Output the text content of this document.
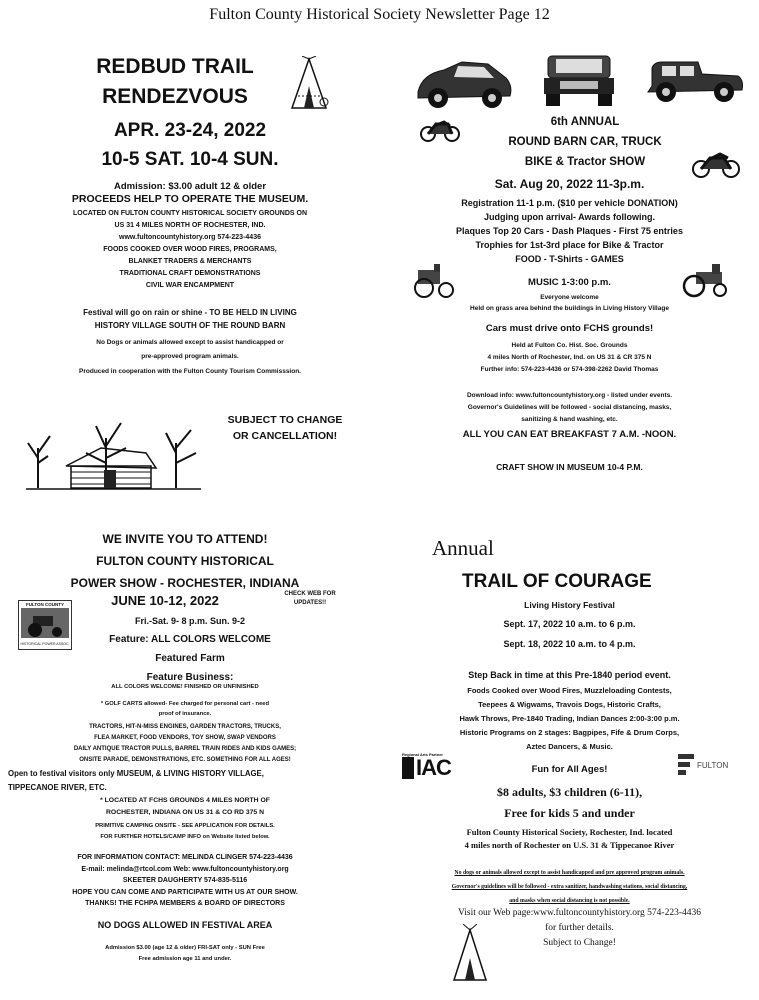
Fulton County Historical Society Newsletter Page 12
REDBUD TRAIL
RENDEZVOUS
APR. 23-24, 2022
10-5 SAT. 10-4 SUN.
Admission: $3.00 adult 12 & older
PROCEEDS HELP TO OPERATE THE MUSEUM.
LOCATED ON FULTON COUNTY HISTORICAL SOCIETY GROUNDS ON
US 31 4 MILES NORTH OF ROCHESTER, IND.
www.fultoncountyhistory.org 574-223-4436
FOODS COOKED OVER WOOD FIRES, PROGRAMS,
BLANKET TRADERS & MERCHANTS
TRADITIONAL CRAFT DEMONSTRATIONS
CIVIL WAR ENCAMPMENT
Festival will go on rain or shine - TO BE HELD IN LIVING
HISTORY VILLAGE SOUTH OF THE ROUND BARN
No Dogs or animals allowed except to assist handicapped or
pre-approved program animals.
Produced in cooperation with the Fulton County Tourism Commisssion.
SUBJECT TO CHANGE
OR CANCELLATION!
6th ANNUAL
ROUND BARN CAR, TRUCK
BIKE & Tractor SHOW
Sat. Aug 20, 2022 11-3p.m.
Registration 11-1 p.m. ($10 per vehicle DONATION)
Judging upon arrival- Awards following.
Plaques Top 20 Cars - Dash Plaques - First 75 entries
Trophies for 1st-3rd place for Bike & Tractor
FOOD - T-Shirts - GAMES
MUSIC 1-3:00 p.m.
Everyone welcome
Held on grass area behind the buildings in Living History Village
Cars must drive onto FCHS grounds!
Held at Fulton Co. Hist. Soc. Grounds
4 miles North of Rochester, Ind. on US 31 & CR 375 N
Further info: 574-223-4436 or 574-398-2262 David Thomas
Download info: www.fultoncountyhistory.org - listed under events.
Governor's Guidelines will be followed - social distancing, masks,
sanitizing & hand washing, etc.
ALL YOU CAN EAT BREAKFAST 7 A.M. -NOON.
CRAFT SHOW IN MUSEUM 10-4 P.M.
WE INVITE YOU TO ATTEND!
FULTON COUNTY HISTORICAL
POWER SHOW - ROCHESTER, INDIANA
CHECK WEB FOR
UPDATES!!
FULTON COUNTY
HISTORICAL POWER ASSOC.
JUNE 10-12, 2022
Fri.-Sat. 9- 8 p.m. Sun. 9-2
Feature: ALL COLORS WELCOME
Featured Farm
Feature Business:
ALL COLORS WELCOME! FINISHED OR UNFINISHED
* GOLF CARTS allowed- Fee charged for personal cart - need
proof of insurance.
TRACTORS, HIT-N-MISS ENGINES, GARDEN TRACTORS, TRUCKS,
FLEA MARKET, FOOD VENDORS, TOY SHOW, SWAP VENDORS
DAILY ANTIQUE TRACTOR PULLS, BARREL TRAIN RIDES AND KIDS GAMES;
ONSITE PARADE, DEMONSTRATIONS, ETC. SOMETHING FOR ALL AGES!
Open to festival visitors only MUSEUM, & LIVING HISTORY VILLAGE,
TIPPECANOE RIVER, ETC.
* LOCATED AT FCHS GROUNDS 4 MILES NORTH OF
ROCHESTER, INDIANA ON US 31 & CO RD 375 N
PRIMITIVE CAMPING ONSITE - SEE APPLICATION FOR DETAILS.
FOR FURTHER HOTELS/CAMP INFO on Website listed below.
FOR INFORMATION CONTACT: MELINDA CLINGER 574-223-4436
E-mail: melinda@rtcol.com Web: www.fultoncountyhistory.org
SKEETER DAUGHERTY 574-835-5116
HOPE YOU CAN COME AND PARTICIPATE WITH US AT OUR SHOW.
THANKS! THE FCHPA MEMBERS & BOARD OF DIRECTORS
NO DOGS ALLOWED IN FESTIVAL AREA
Admission $3.00 (age 12 & older) FRI-SAT only - SUN Free
Free admission age 11 and under.
Annual
TRAIL OF COURAGE
Living History Festival
Sept. 17, 2022 10 a.m. to 6 p.m.
Sept. 18, 2022 10 a.m. to 4 p.m.
Step Back in time at this Pre-1840 period event.
Foods Cooked over Wood Fires, Muzzleloading Contests,
Teepees & Wigwams, Travois Dogs, Historic Crafts,
Hawk Throws, Pre-1840 Trading, Indian Dances 2:00-3:00 p.m.
Historic Programs on 2 stages: Bagpipes, Fife & Drum Corps,
Aztec Dancers, & Music.
Regional Arts Partner
IAC	Fun for All Ages!	FULTON
$8 adults, $3 children (6-11),
Free for kids 5 and under
Fulton County Historical Society, Rochester, Ind. located
4 miles north of Rochester on U.S. 31 & Tippecanoe River
No dogs or animals allowed except to assist handicapped and pre approved program animals.
Governor's guidelines will be followed - extra sanitizer, handwashing stations, social distancing,
and masks when social distancing is not possible.
Visit our Web page:www.fultoncountyhistory.org 574-223-4436
for further details.
Subject to Change!
